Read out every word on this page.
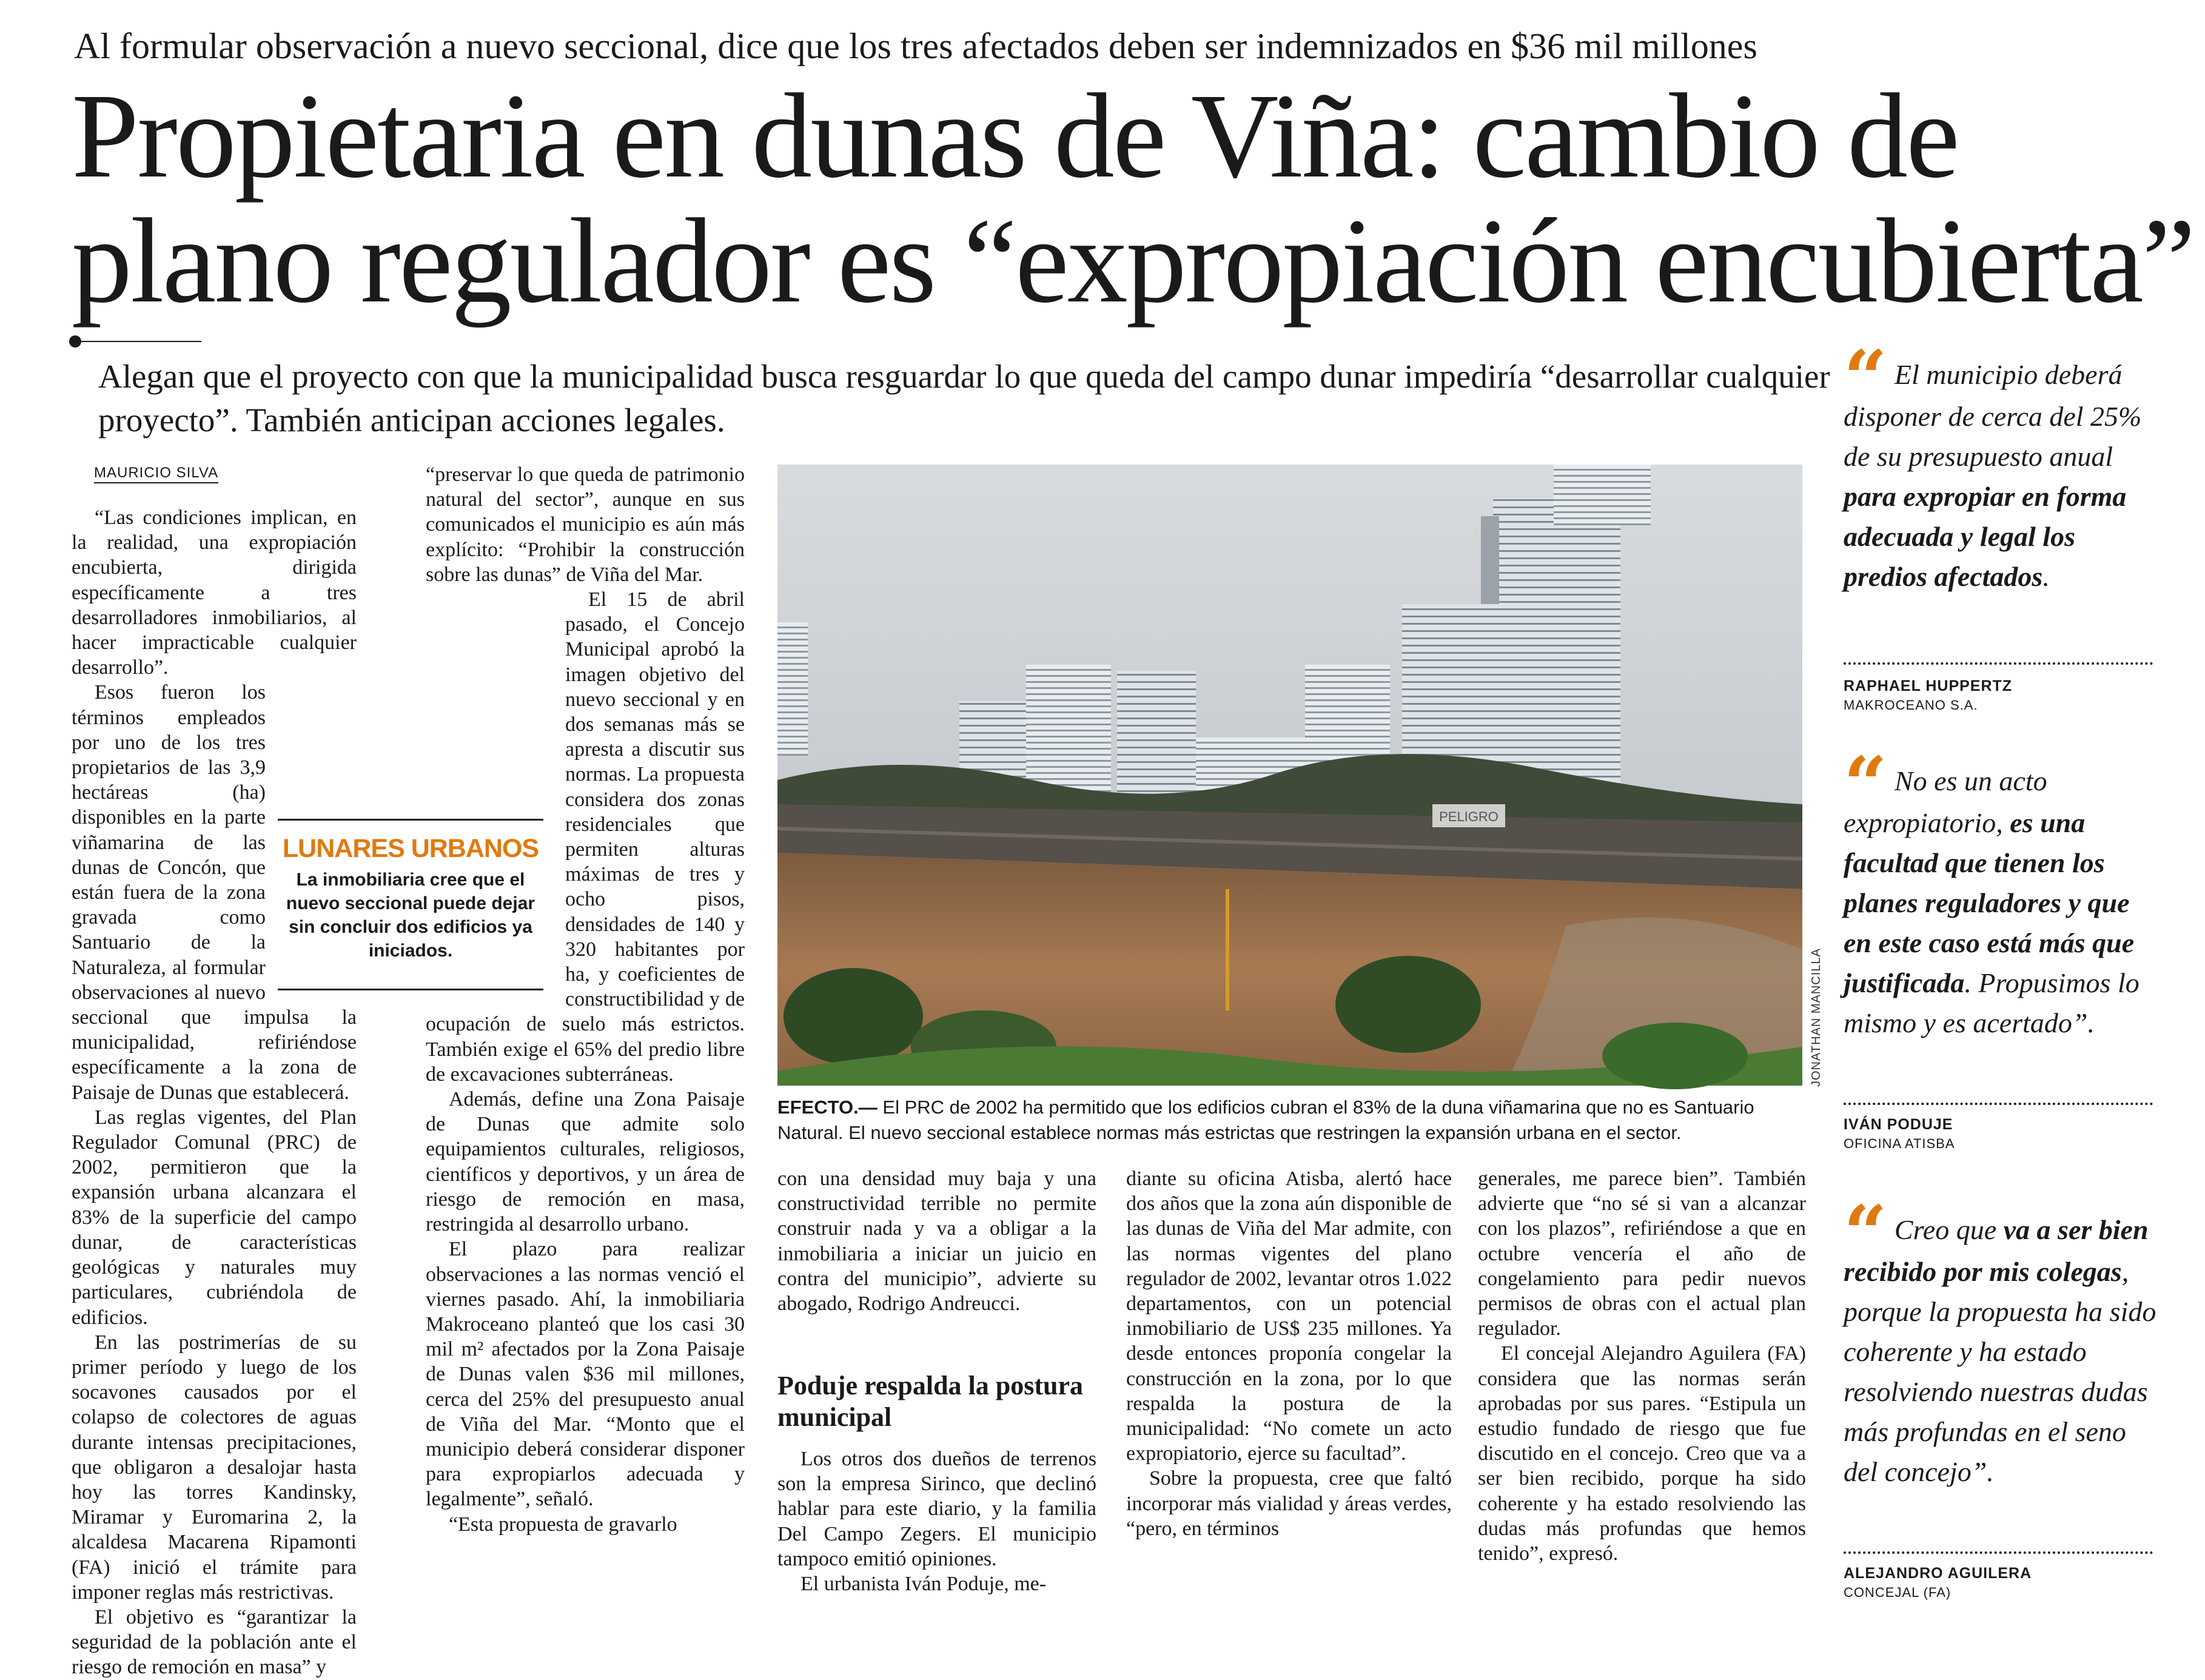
Al formular observación a nuevo seccional, dice que los tres afectados deben ser indemnizados en $36 mil millones
Propietaria en dunas de Viña: cambio de
plano regulador es “expropiación encubierta”
Alegan que el proyecto con que la municipalidad busca resguardar lo que queda del campo dunar impediría “desarrollar cualquier proyecto”. También anticipan acciones legales.
MAURICIO SILVA

“Las condiciones implican, en la realidad, una expropiación encubierta, dirigida específicamente a tres desarrolladores inmobiliarios, al hacer impracticable cualquier desarrollo”.

Esos fueron los términos empleados por uno de los tres propietarios de las 3,9 hectáreas (ha) disponibles en la parte viñamarina de las dunas de Concón, que están fuera de la zona gravada como Santuario de la Naturaleza, al formular observaciones al nuevo seccional que impulsa la municipalidad, refiriéndose específicamente a la zona de Paisaje de Dunas que establecerá.

Las reglas vigentes, del Plan Regulador Comunal (PRC) de 2002, permitieron que la expansión urbana alcanzara el 83% de la superficie del campo dunar, de características geológicas y naturales muy particulares, cubriéndola de edificios.

En las postrimerías de su primer período y luego de los socavones causados por el colapso de colectores de aguas durante intensas precipitaciones, que obligaron a desalojar hasta hoy las torres Kandinsky, Miramar y Euromarina 2, la alcaldesa Macarena Ripamonti (FA) inició el trámite para imponer reglas más restrictivas.

El objetivo es “garantizar la seguridad de la población ante el riesgo de remoción en masa” y

“preservar lo que queda de patrimonio natural del sector”, aunque en sus comunicados el municipio es aún más explícito: “Prohibir la construcción sobre las dunas” de Viña del Mar.

El 15 de abril pasado, el Concejo Municipal aprobó la imagen objetivo del nuevo seccional y en dos semanas más se apresta a discutir sus normas. La propuesta considera dos zonas residenciales que permiten alturas máximas de tres y ocho pisos, densidades de 140 y 320 habitantes por ha, y coeficientes de constructibilidad y de ocupación de suelo más estrictos. También exige el 65% del predio libre de excavaciones subterráneas.

Además, define una Zona Paisaje de Dunas que admite solo equipamientos culturales, religiosos, científicos y deportivos, y un área de riesgo de remoción en masa, restringida al desarrollo urbano.

El plazo para realizar observaciones a las normas venció el viernes pasado. Ahí, la inmobiliaria Makroceano planteó que los casi 30 mil m² afectados por la Zona Paisaje de Dunas valen $36 mil millones, cerca del 25% del presupuesto anual de Viña del Mar. “Monto que el municipio deberá considerar disponer para expropiarlos adecuada y legalmente”, señaló.

“Esta propuesta de gravarlo

LUNARES URBANOS
La inmobiliaria cree que el nuevo seccional puede dejar sin concluir dos edificios ya iniciados.
PELIGRO
JONATHAN MANCILLA
EFECTO.— El PRC de 2002 ha permitido que los edificios cubran el 83% de la duna viñamarina que no es Santuario Natural. El nuevo seccional establece normas más estrictas que restringen la expansión urbana en el sector.

con una densidad muy baja y una constructividad terrible no permite construir nada y va a obligar a la inmobiliaria a iniciar un juicio en contra del municipio”, advierte su abogado, Rodrigo Andreucci.

Poduje respalda la postura municipal

Los otros dos dueños de terrenos son la empresa Sirinco, que declinó hablar para este diario, y la familia Del Campo Zegers. El municipio tampoco emitió opiniones.

El urbanista Iván Poduje, me-

diante su oficina Atisba, alertó hace dos años que la zona aún disponible de las dunas de Viña del Mar admite, con las normas vigentes del plano regulador de 2002, levantar otros 1.022 departamentos, con un potencial inmobiliario de US$ 235 millones. Ya desde entonces proponía congelar la construcción en la zona, por lo que respalda la postura de la municipalidad: “No comete un acto expropiatorio, ejerce su facultad”.

Sobre la propuesta, cree que faltó incorporar más vialidad y áreas verdes, “pero, en términos

generales, me parece bien”. También advierte que “no sé si van a alcanzar con los plazos”, refiriéndose a que en octubre vencería el año de congelamiento para pedir nuevos permisos de obras con el actual plan regulador.

El concejal Alejandro Aguilera (FA) considera que las normas serán aprobadas por sus pares. “Estipula un estudio fundado de riesgo que fue discutido en el concejo. Creo que va a ser bien recibido, porque ha sido coherente y ha estado resolviendo las dudas más profundas que hemos tenido”, expresó.

“ El municipio deberá disponer de cerca del 25% de su presupuesto anual para expropiar en forma adecuada y legal los predios afectados.
RAPHAEL HUPPERTZ
MAKROCEANO S.A.
“ No es un acto expropiatorio, es una facultad que tienen los planes reguladores y que en este caso está más que justificada. Propusimos lo mismo y es acertado”.
IVÁN PODUJE
OFICINA ATISBA
“ Creo que va a ser bien recibido por mis colegas, porque la propuesta ha sido coherente y ha estado resolviendo nuestras dudas más profundas en el seno del concejo”.
ALEJANDRO AGUILERA
CONCEJAL (FA)
